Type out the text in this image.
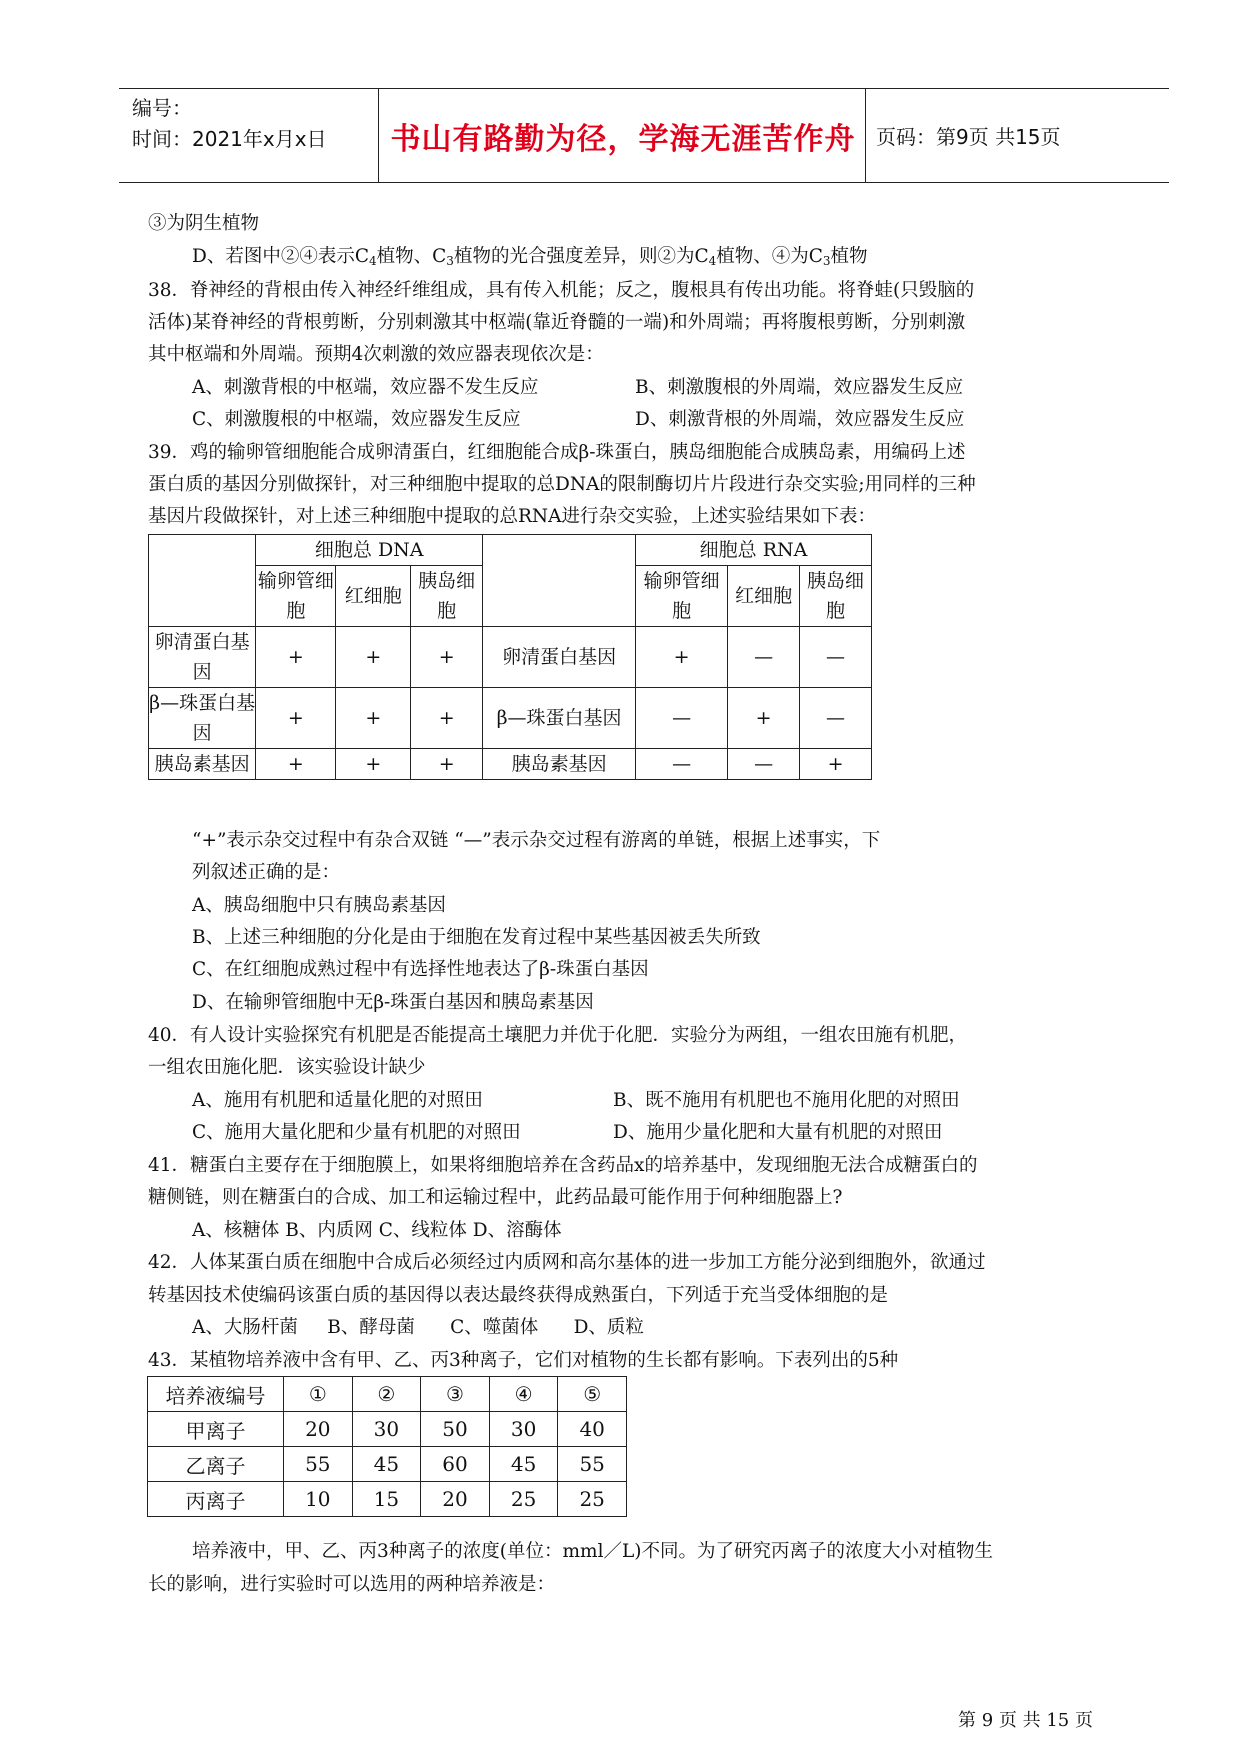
编号：
时间：2021年x月x日	书山有路勤为径，学海无涯苦作舟	页码：第9页 共15页
③为阴生植物
D、若图中②④表示$C_4$植物、$C_3$植物的光合强度差异，则②为$C_4$植物、④为$C_3$植物
38．脊神经的背根由传入神经纤维组成，具有传入机能；反之，腹根具有传出功能。将脊蛙(只毁脑的
活体)某脊神经的背根剪断，分别刺激其中枢端(靠近脊髓的一端)和外周端；再将腹根剪断，分别刺激
其中枢端和外周端。预期4次刺激的效应器表现依次是：
A、刺激背根的中枢端，效应器不发生反应	B、刺激腹根的外周端，效应器发生反应
C、刺激腹根的中枢端，效应器发生反应	D、刺激背根的外周端，效应器发生反应
39．鸡的输卵管细胞能合成卵清蛋白，红细胞能合成β-珠蛋白，胰岛细胞能合成胰岛素，用编码上述
蛋白质的基因分别做探针，对三种细胞中提取的总DNA的限制酶切片片段进行杂交实验;用同样的三种
基因片段做探针，对上述三种细胞中提取的总RNA进行杂交实验，上述实验结果如下表：
	细胞总 DNA				细胞总 RNA		
	输卵管细胞	红细胞	胰岛细胞		输卵管细胞	红细胞	胰岛细胞
卵清蛋白基因	+	+	+	卵清蛋白基因	+	—	—
β—珠蛋白基因	+	+	+	β—珠蛋白基因	—	+	—
胰岛素基因	+	+	+	胰岛素基因	—	—	+
“+”表示杂交过程中有杂合双链 “—”表示杂交过程有游离的单链，根据上述事实，下
列叙述正确的是：
A、胰岛细胞中只有胰岛素基因
B、上述三种细胞的分化是由于细胞在发育过程中某些基因被丢失所致
C、在红细胞成熟过程中有选择性地表达了β-珠蛋白基因
D、在输卵管细胞中无β-珠蛋白基因和胰岛素基因
40．有人设计实验探究有机肥是否能提高土壤肥力并优于化肥．实验分为两组，一组农田施有机肥，
一组农田施化肥．该实验设计缺少
A、施用有机肥和适量化肥的对照田	B、既不施用有机肥也不施用化肥的对照田
C、施用大量化肥和少量有机肥的对照田	D、施用少量化肥和大量有机肥的对照田
41．糖蛋白主要存在于细胞膜上，如果将细胞培养在含药品x的培养基中，发现细胞无法合成糖蛋白的
糖侧链，则在糖蛋白的合成、加工和运输过程中，此药品最可能作用于何种细胞器上?
A、核糖体 B、内质网 C、线粒体 D、溶酶体
42．人体某蛋白质在细胞中合成后必须经过内质网和高尔基体的进一步加工方能分泌到细胞外，欲通过
转基因技术使编码该蛋白质的基因得以表达最终获得成熟蛋白，下列适于充当受体细胞的是
A、大肠杆菌     B、酵母菌      C、噬菌体      D、质粒
43．某植物培养液中含有甲、乙、丙3种离子，它们对植物的生长都有影响。下表列出的5种
培养液编号	①	②	③	④	⑤
甲离子	20	30	50	30	40
乙离子	55	45	60	45	55
丙离子	10	15	20	25	25
培养液中，甲、乙、丙3种离子的浓度(单位：mml／L)不同。为了研究丙离子的浓度大小对植物生
长的影响，进行实验时可以选用的两种培养液是：
第 9 页 共 15 页
